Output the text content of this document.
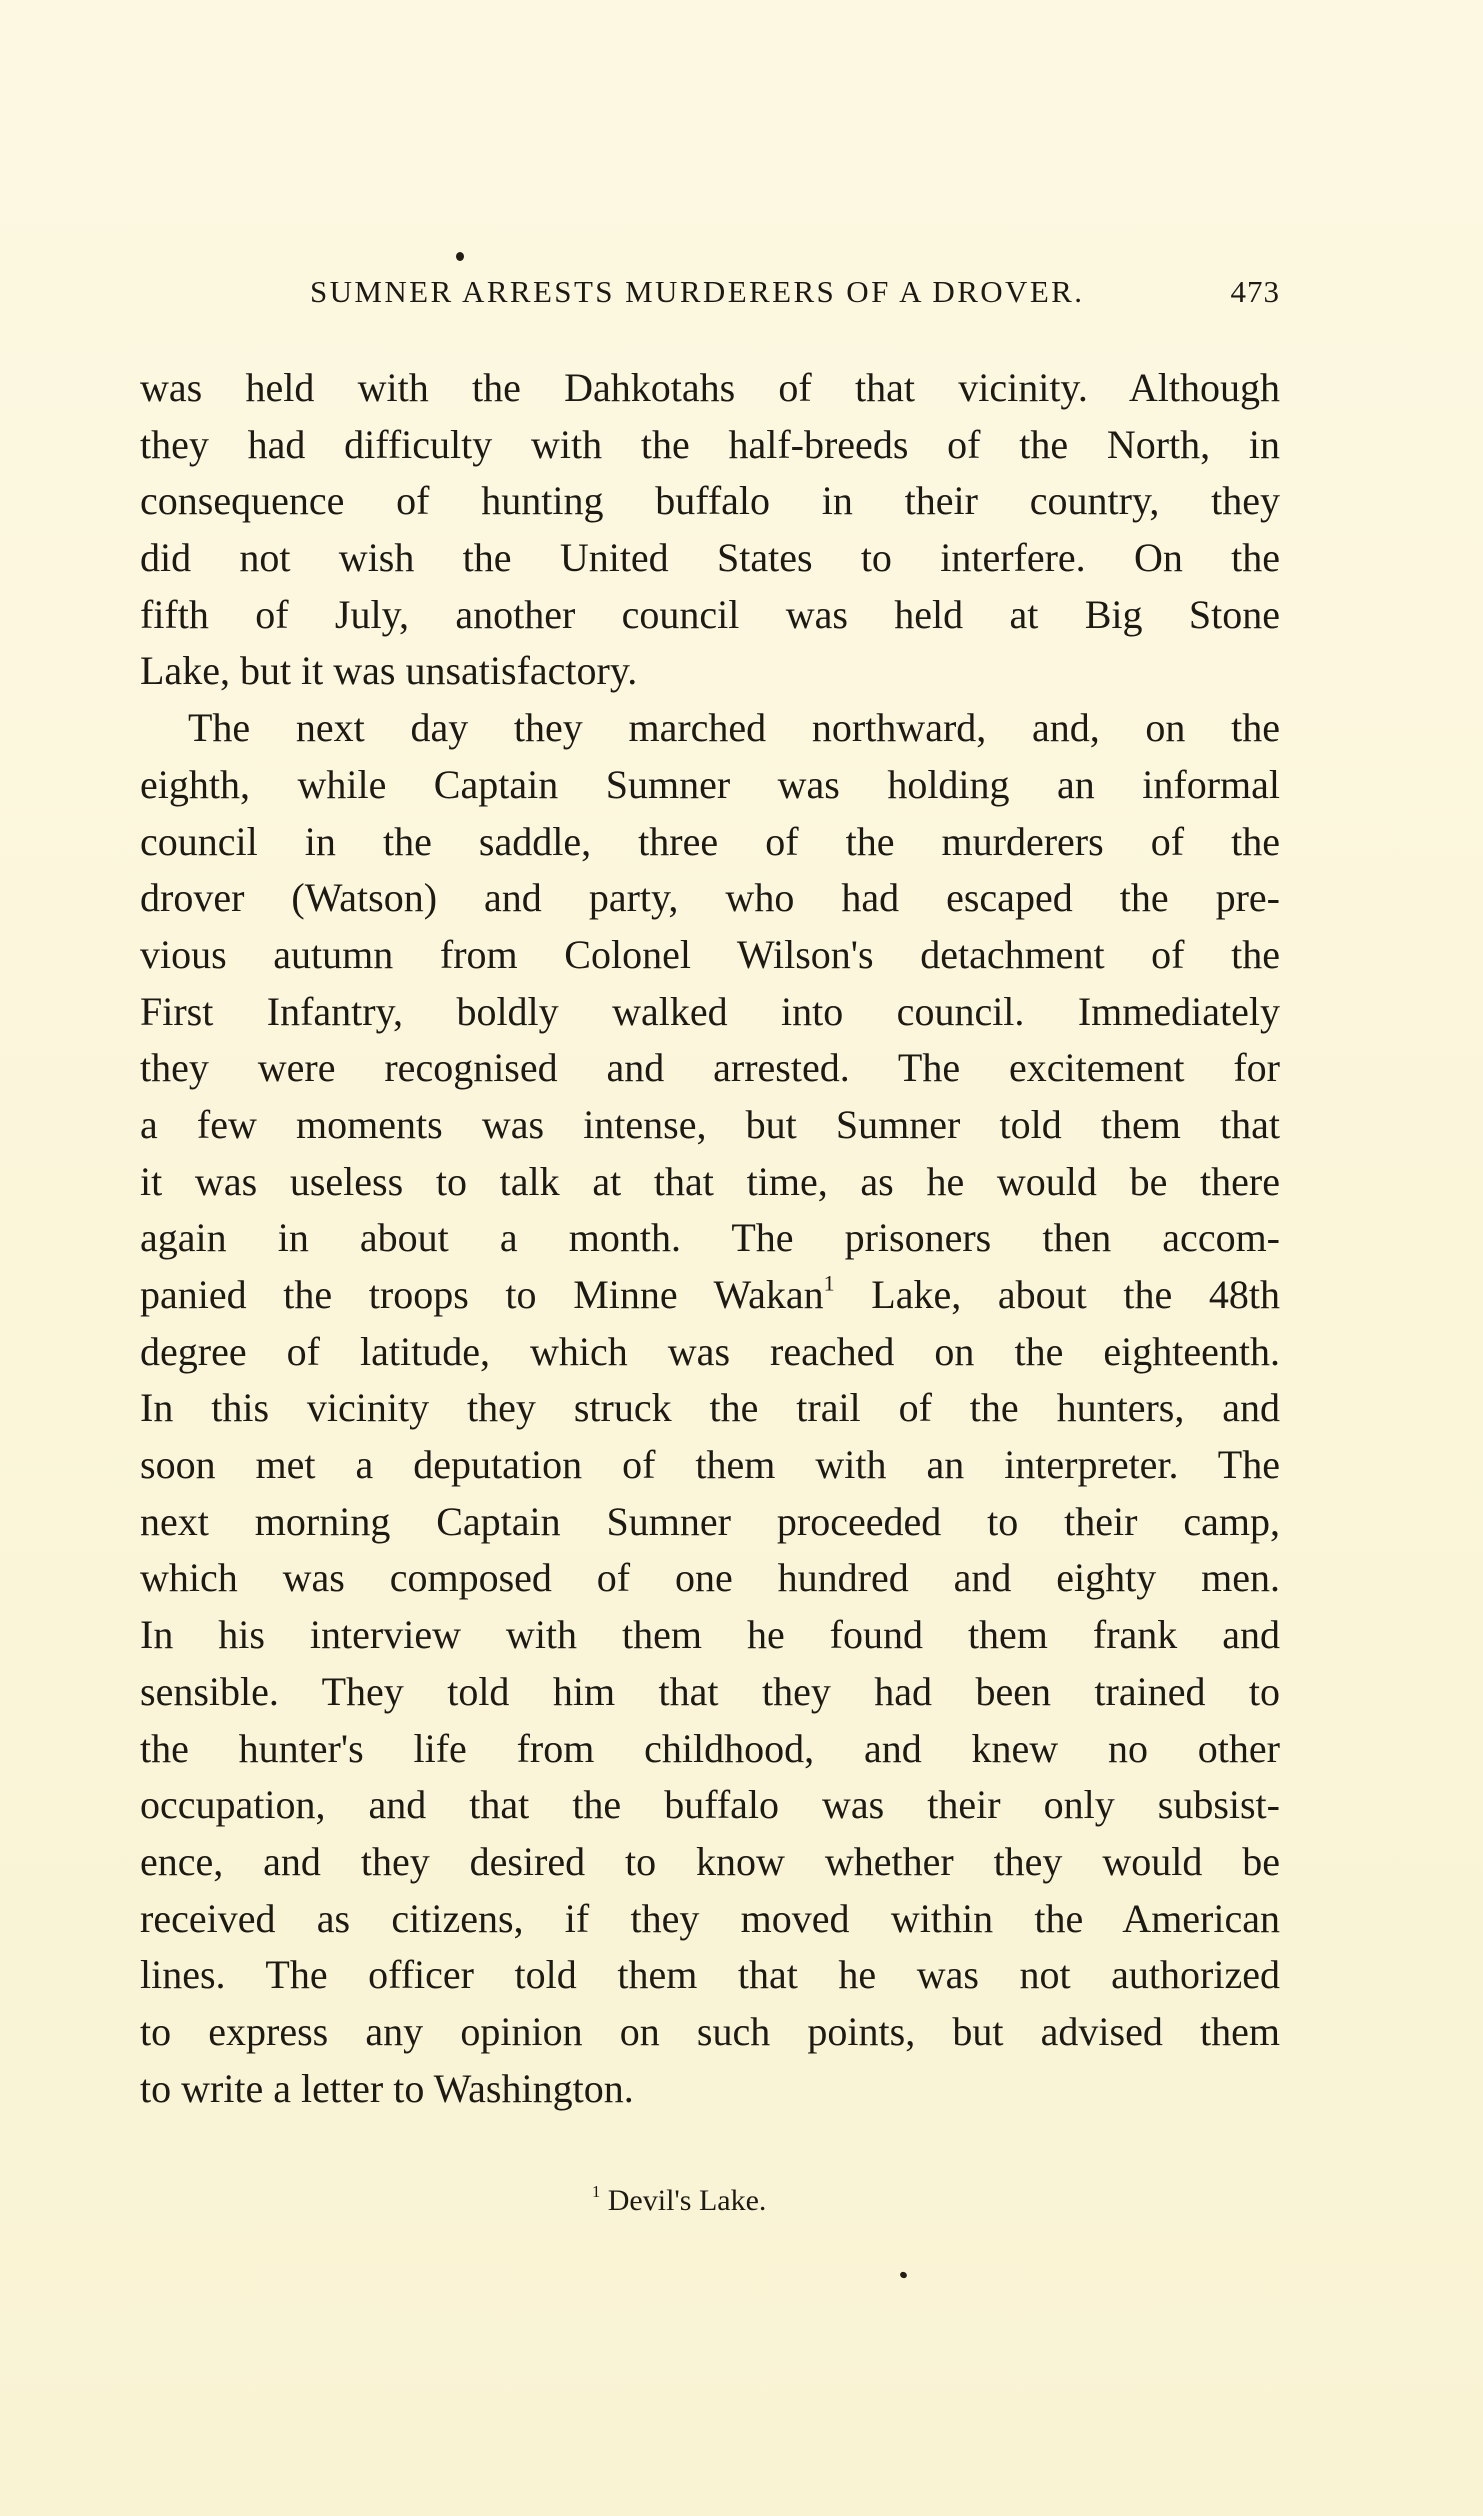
SUMNER ARRESTS MURDERERS OF A DROVER.	473
was held with the Dahkotahs of that vicinity. Although
they had difficulty with the half-breeds of the North, in
consequence of hunting buffalo in their country, they
did not wish the United States to interfere. On the
fifth of July, another council was held at Big Stone
Lake, but it was unsatisfactory.
The next day they marched northward, and, on the
eighth, while Captain Sumner was holding an informal
council in the saddle, three of the murderers of the
drover (Watson) and party, who had escaped the pre-
vious autumn from Colonel Wilson's detachment of the
First Infantry, boldly walked into council. Immediately
they were recognised and arrested. The excitement for
a few moments was intense, but Sumner told them that
it was useless to talk at that time, as he would be there
again in about a month. The prisoners then accom-
panied the troops to Minne Wakan$^1$ Lake, about the 48th
degree of latitude, which was reached on the eighteenth.
In this vicinity they struck the trail of the hunters, and
soon met a deputation of them with an interpreter. The
next morning Captain Sumner proceeded to their camp,
which was composed of one hundred and eighty men.
In his interview with them he found them frank and
sensible. They told him that they had been trained to
the hunter's life from childhood, and knew no other
occupation, and that the buffalo was their only subsist-
ence, and they desired to know whether they would be
received as citizens, if they moved within the American
lines. The officer told them that he was not authorized
to express any opinion on such points, but advised them
to write a letter to Washington.
$^1$ Devil's Lake.
